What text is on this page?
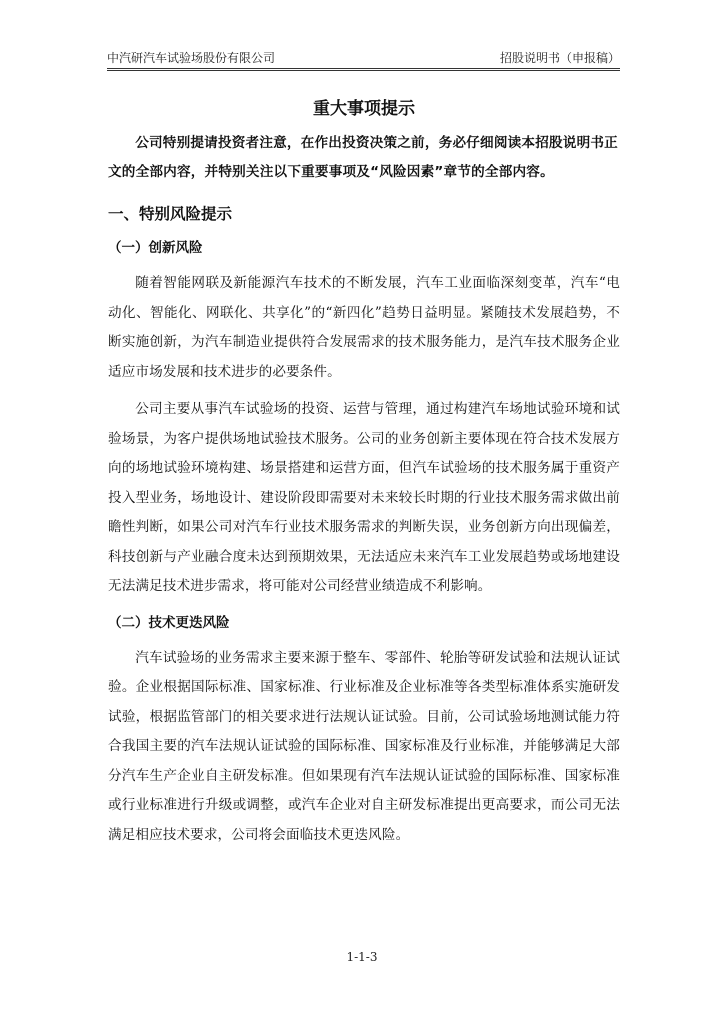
中汽研汽车试验场股份有限公司	招股说明书（申报稿）
重大事项提示

公司特别提请投资者注意，在作出投资决策之前，务必仔细阅读本招股说明书正文的全部内容，并特别关注以下重要事项及“风险因素”章节的全部内容。

一、特别风险提示
（一）创新风险

随着智能网联及新能源汽车技术的不断发展，汽车工业面临深刻变革，汽车“电动化、智能化、网联化、共享化”的“新四化”趋势日益明显。紧随技术发展趋势，不断实施创新，为汽车制造业提供符合发展需求的技术服务能力，是汽车技术服务企业适应市场发展和技术进步的必要条件。

公司主要从事汽车试验场的投资、运营与管理，通过构建汽车场地试验环境和试验场景，为客户提供场地试验技术服务。公司的业务创新主要体现在符合技术发展方向的场地试验环境构建、场景搭建和运营方面，但汽车试验场的技术服务属于重资产投入型业务，场地设计、建设阶段即需要对未来较长时期的行业技术服务需求做出前瞻性判断，如果公司对汽车行业技术服务需求的判断失误，业务创新方向出现偏差，科技创新与产业融合度未达到预期效果，无法适应未来汽车工业发展趋势或场地建设无法满足技术进步需求，将可能对公司经营业绩造成不利影响。

（二）技术更迭风险

汽车试验场的业务需求主要来源于整车、零部件、轮胎等研发试验和法规认证试验。企业根据国际标准、国家标准、行业标准及企业标准等各类型标准体系实施研发试验，根据监管部门的相关要求进行法规认证试验。目前，公司试验场地测试能力符合我国主要的汽车法规认证试验的国际标准、国家标准及行业标准，并能够满足大部分汽车生产企业自主研发标准。但如果现有汽车法规认证试验的国际标准、国家标准或行业标准进行升级或调整，或汽车企业对自主研发标准提出更高要求，而公司无法满足相应技术要求，公司将会面临技术更迭风险。

1-1-3
